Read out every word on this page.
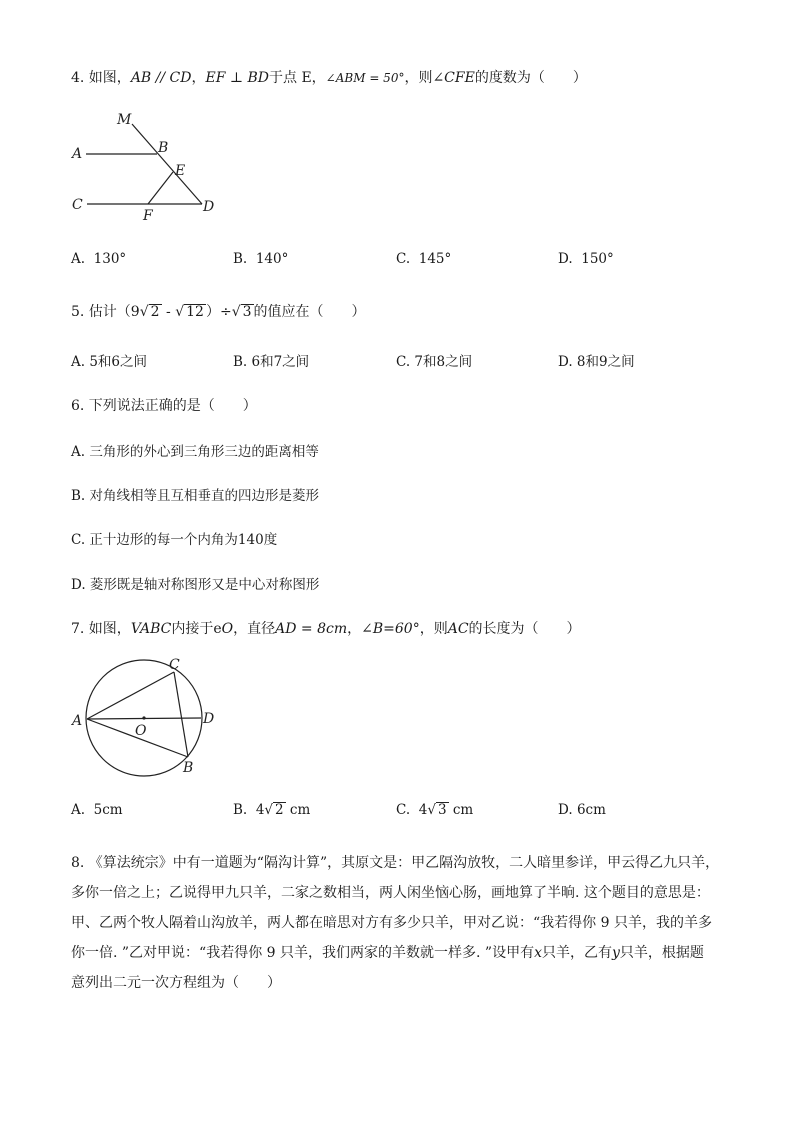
4. 如图，AB // CD，EF ⊥ BD于点 E，∠ABM = 50°，则∠CFE的度数为（　　）
M
A	B
E
C
F
D
A. 130°	B. 140°	C. 145°	D. 150°
5. 估计（9√ 2 - √ 12 ）÷√ 3 的值应在（　　）
A. 5和6之间	B. 6和7之间	C. 7和8之间	D. 8和9之间
6. 下列说法正确的是（　　）
A. 三角形的外心到三角形三边的距离相等
B. 对角线相等且互相垂直的四边形是菱形
C. 正十边形的每一个内角为140度
D. 菱形既是轴对称图形又是中心对称图形
7. 如图，VABC内接于eO，直径AD = 8cm，∠B=60°，则AC的长度为（　　）
C
A
O
D
B
A. 5cm	B. 4√ 2 cm	C. 4√ 3 cm	D. 6cm
8. 《算法统宗》中有一道题为“隔沟计算”，其原文是：甲乙隔沟放牧，二人暗里参详，甲云得乙九只羊，
多你一倍之上；乙说得甲九只羊，二家之数相当，两人闲坐恼心肠，画地算了半晌. 这个题目的意思是：
甲、乙两个牧人隔着山沟放羊，两人都在暗思对方有多少只羊，甲对乙说：“我若得你 9 只羊，我的羊多
你一倍. ”乙对甲说：“我若得你 9 只羊，我们两家的羊数就一样多. ”设甲有x只羊，乙有y只羊，根据题
意列出二元一次方程组为（　　）
